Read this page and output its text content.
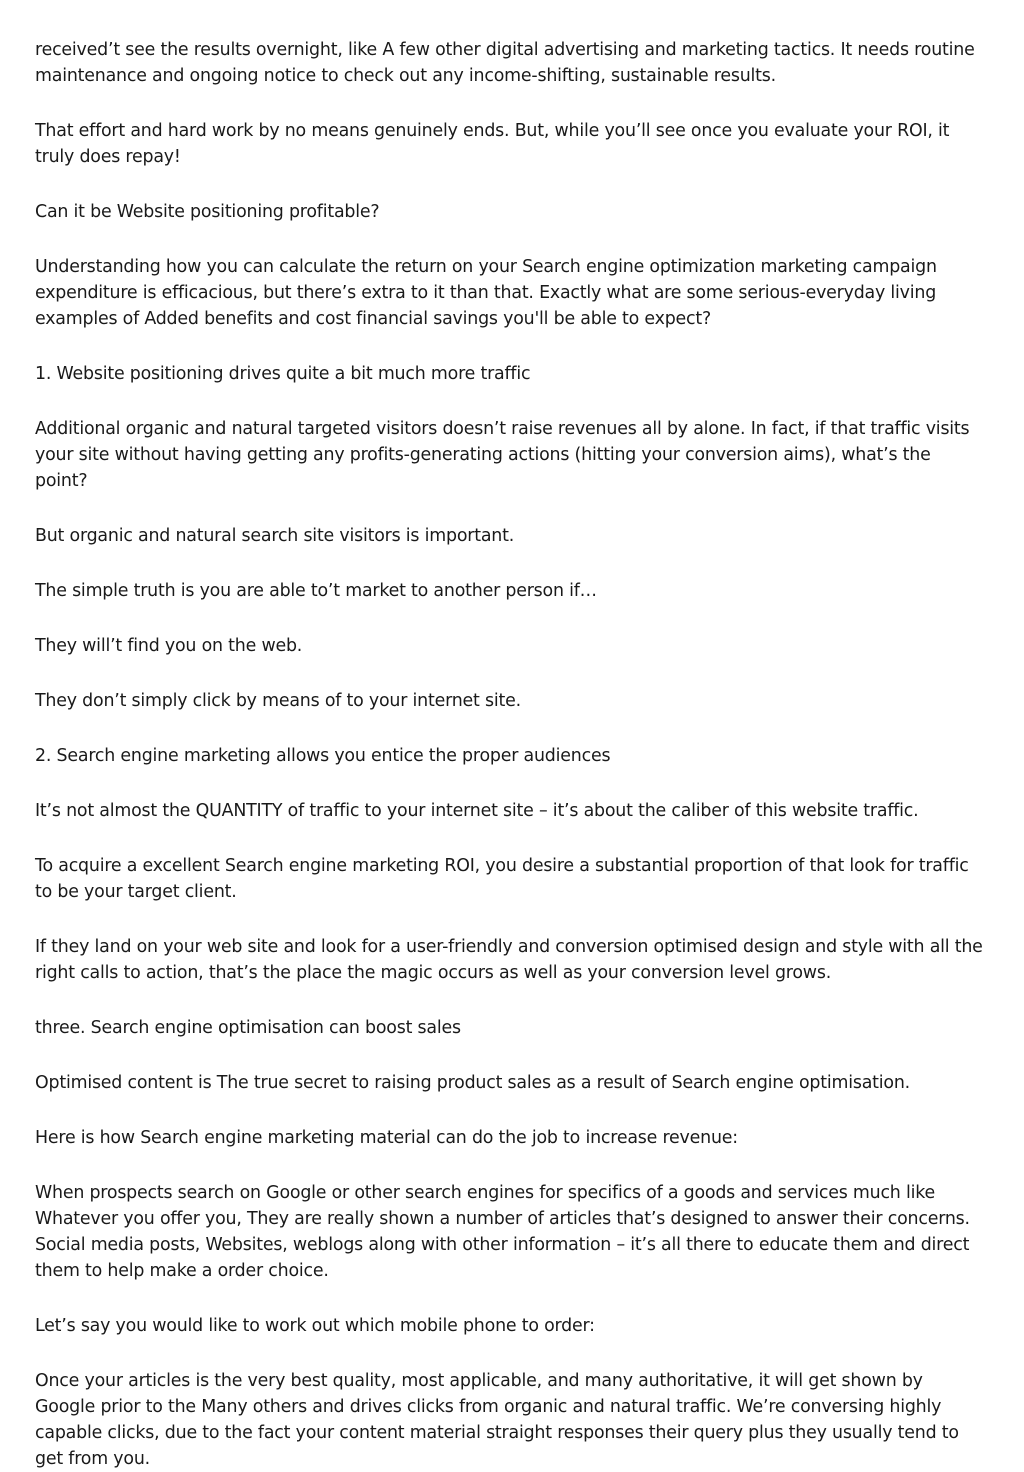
received’t see the results overnight, like A few other digital advertising and marketing tactics. It needs routine maintenance and ongoing notice to check out any income-shifting, sustainable results.

That effort and hard work by no means genuinely ends. But, while you’ll see once you evaluate your ROI, it truly does repay!

Can it be Website positioning profitable?

Understanding how you can calculate the return on your Search engine optimization marketing campaign expenditure is efficacious, but there’s extra to it than that. Exactly what are some serious-everyday living examples of Added benefits and cost financial savings you'll be able to expect?

1. Website positioning drives quite a bit much more traffic

Additional organic and natural targeted visitors doesn’t raise revenues all by alone. In fact, if that traffic visits your site without having getting any profits-generating actions (hitting your conversion aims), what’s the point?

But organic and natural search site visitors is important.

The simple truth is you are able to’t market to another person if…

They will’t find you on the web.

They don’t simply click by means of to your internet site.

2. Search engine marketing allows you entice the proper audiences

It’s not almost the QUANTITY of traffic to your internet site – it’s about the caliber of this website traffic.

To acquire a excellent Search engine marketing ROI, you desire a substantial proportion of that look for traffic to be your target client.

If they land on your web site and look for a user-friendly and conversion optimised design and style with all the right calls to action, that’s the place the magic occurs as well as your conversion level grows.

three. Search engine optimisation can boost sales

Optimised content is The true secret to raising product sales as a result of Search engine optimisation.

Here is how Search engine marketing material can do the job to increase revenue:

When prospects search on Google or other search engines for specifics of a goods and services much like Whatever you offer you, They are really shown a number of articles that’s designed to answer their concerns. Social media posts, Websites, weblogs along with other information – it’s all there to educate them and direct them to help make a order choice.

Let’s say you would like to work out which mobile phone to order:

Once your articles is the very best quality, most applicable, and many authoritative, it will get shown by Google prior to the Many others and drives clicks from organic and natural traffic. We’re conversing highly capable clicks, due to the fact your content material straight responses their query plus they usually tend to get from you.
